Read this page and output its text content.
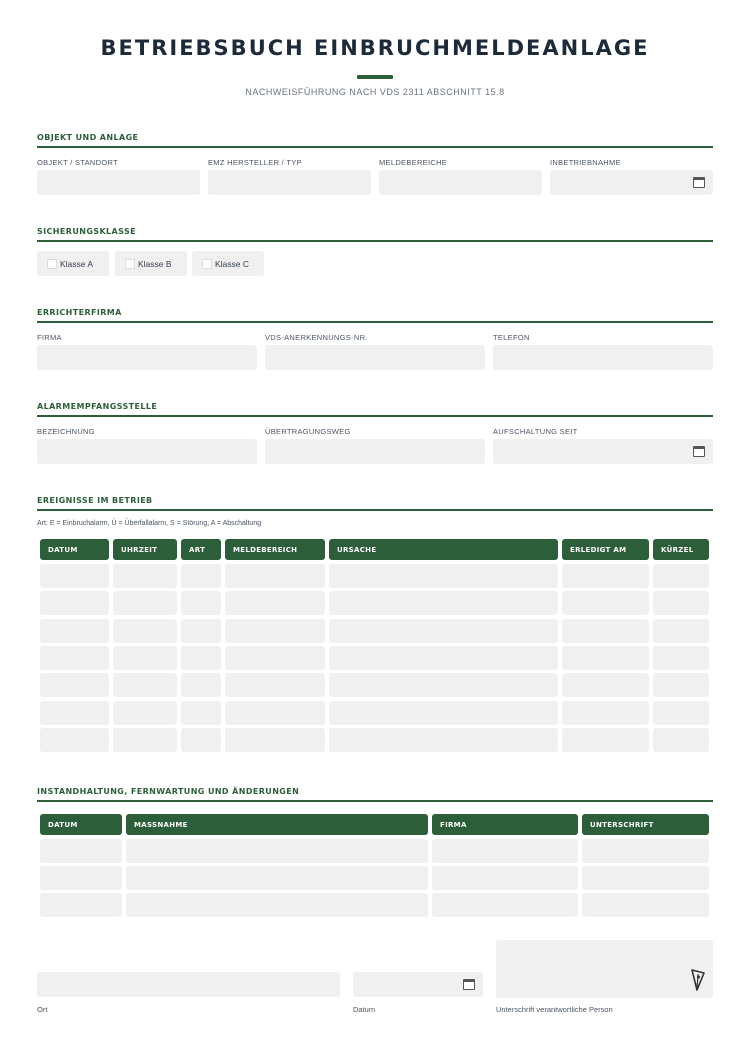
BETRIEBSBUCH EINBRUCHMELDEANLAGE
NACHWEISFÜHRUNG NACH VDS 2311 ABSCHNITT 15.8
OBJEKT UND ANLAGE
OBJEKT / STANDORT	EMZ HERSTELLER / TYP	MELDEBEREICHE	INBETRIEBNAHME
SICHERUNGSKLASSE
Klasse A	Klasse B	Klasse C
ERRICHTERFIRMA
FIRMA	VDS-ANERKENNUNGS-NR.	TELEFON
ALARMEMPFANGSSTELLE
BEZEICHNUNG	ÜBERTRAGUNGSWEG	AUFSCHALTUNG SEIT
EREIGNISSE IM BETRIEB
Art: E = Einbruchalarm, Ü = Überfallalarm, S = Störung, A = Abschaltung
DATUM	UHRZEIT	ART	MELDEBEREICH	URSACHE	ERLEDIGT AM	KÜRZEL
INSTANDHALTUNG, FERNWARTUNG UND ÄNDERUNGEN
DATUM	MASSNAHME	FIRMA	UNTERSCHRIFT
Ort	Datum	Unterschrift verantwortliche Person
